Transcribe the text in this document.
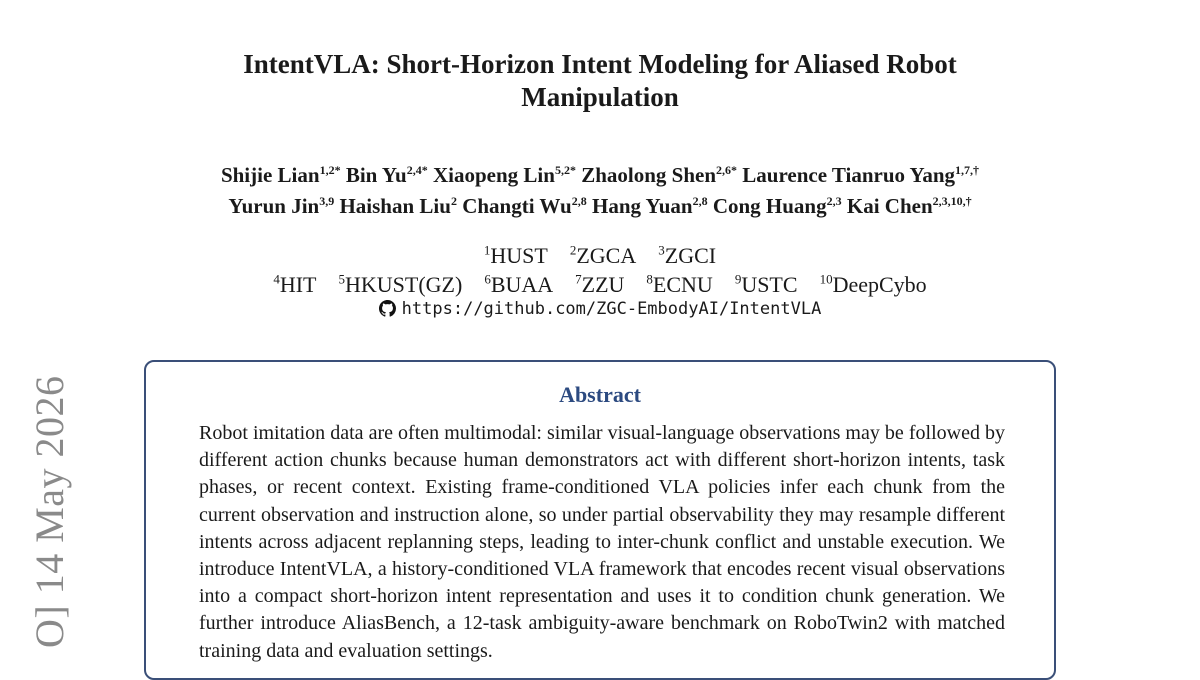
O] 14 May 2026
IntentVLA: Short-Horizon Intent Modeling for Aliased Robot Manipulation
Shijie Lian$^{1,2*}$ Bin $Yu^{2,4*}$ Xiaopeng Lin$^{5,2*}$ Zhaolong Shen$^{2,6*}$ Laurence Tianruo Yang$^{1,7,\dagger}$
Yurun Jin$^{3,9}$ Haishan Liu$^2$ Changti Wu$^{2,8}$ Hang Yuan$^{2,8}$ Cong Huang$^{2,3}$ Kai Chen$^{2,3,10,\dagger}$
$^1$HUST $^2$ZGCA $^3$ZGCI
$^4$HIT $^5$HKUST(GZ) $^6$BUAA $^7$ZZU $^8$ECNU $^9$USTC $^{10}$DeepCybo
https://github.com/ZGC-EmbodyAI/IntentVLA
Abstract
Robot imitation data are often multimodal: similar visual-language observations may be followed by different action chunks because human demonstrators act with different short-horizon intents, task phases, or recent context. Existing frame-conditioned VLA policies infer each chunk from the current observation and instruction alone, so under partial observability they may resample different intents across adjacent replanning steps, leading to inter-chunk conflict and unstable execution. We introduce IntentVLA, a history-conditioned VLA framework that encodes recent visual observations into a compact short-horizon intent representation and uses it to condition chunk generation. We further introduce AliasBench, a 12-task ambiguity-aware benchmark on RoboTwin2 with matched training data and evaluation settings.
